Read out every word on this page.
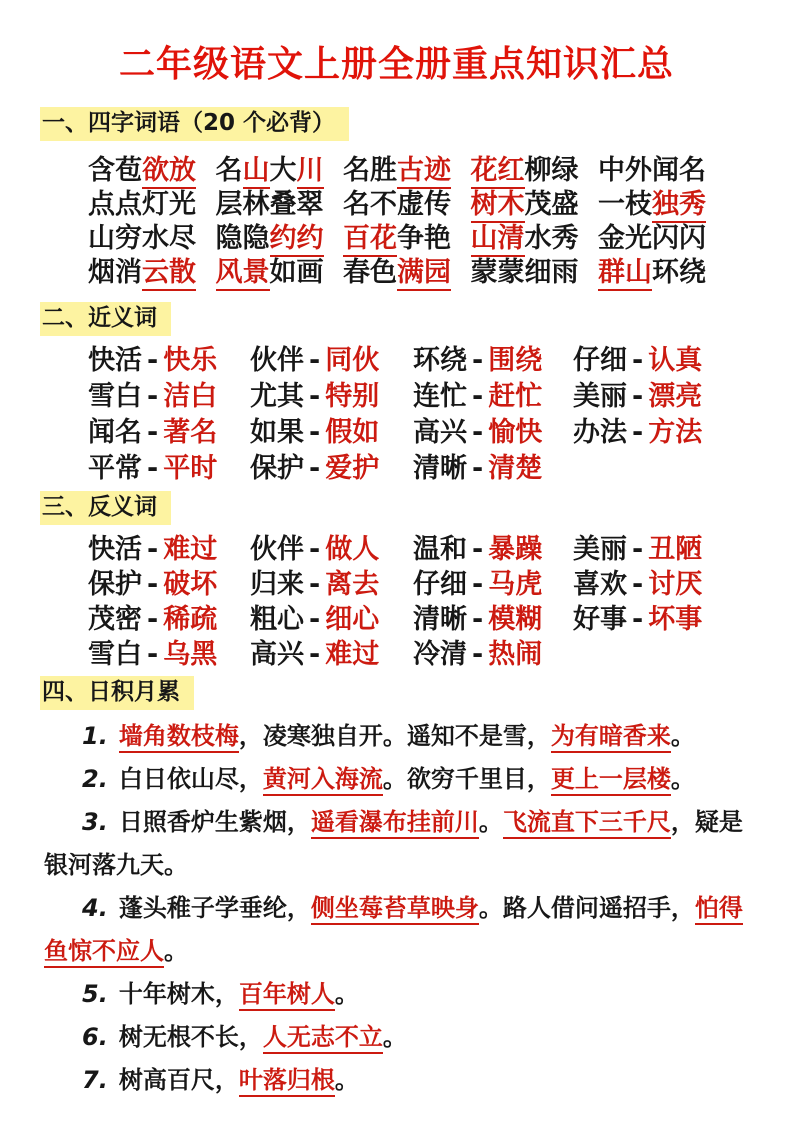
二年级语文上册全册重点知识汇总
一、四字词语（20 个必背）
含苞欲放 名山大川 名胜古迹 花红柳绿 中外闻名
点点灯光 层林叠翠 名不虚传 树木茂盛 一枝独秀
山穷水尽 隐隐约约 百花争艳 山清水秀 金光闪闪
烟消云散 风景如画 春色满园 蒙蒙细雨 群山环绕
二、近义词
快活 - 快乐	伙伴 - 同伙	环绕 - 围绕	仔细 - 认真
雪白 - 洁白	尤其 - 特别	连忙 - 赶忙	美丽 - 漂亮
闻名 - 著名	如果 - 假如	高兴 - 愉快	办法 - 方法
平常 - 平时	保护 - 爱护	清晰 - 清楚
三、反义词
快活 - 难过	伙伴 - 做人	温和 - 暴躁	美丽 - 丑陋
保护 - 破坏	归来 - 离去	仔细 - 马虎	喜欢 - 讨厌
茂密 - 稀疏	粗心 - 细心	清晰 - 模糊	好事 - 坏事
雪白 - 乌黑	高兴 - 难过	冷清 - 热闹
四、日积月累

1. 墙角数枝梅，凌寒独自开。遥知不是雪，为有暗香来。

2. 白日依山尽，黄河入海流。欲穷千里目，更上一层楼。

3. 日照香炉生紫烟，遥看瀑布挂前川。飞流直下三千尺，疑是银河落九天。

4. 蓬头稚子学垂纶，侧坐莓苔草映身。路人借问遥招手，怕得鱼惊不应人。

5. 十年树木，百年树人。

6. 树无根不长，人无志不立。

7. 树高百尺，叶落归根。
